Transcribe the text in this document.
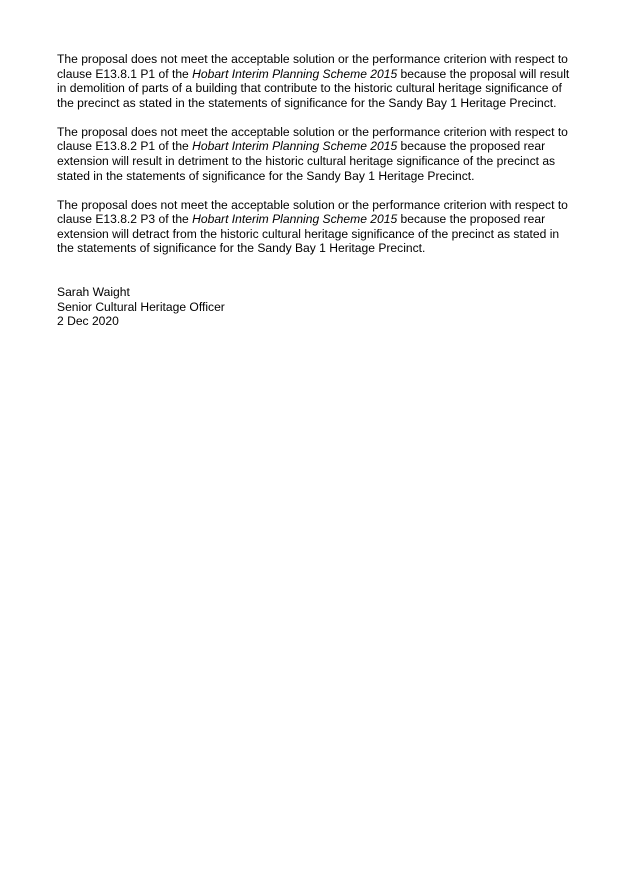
The proposal does not meet the acceptable solution or the performance criterion with respect to clause E13.8.1 P1 of the Hobart Interim Planning Scheme 2015 because the proposal will result in demolition of parts of a building that contribute to the historic cultural heritage significance of the precinct as stated in the statements of significance for the Sandy Bay 1 Heritage Precinct.

The proposal does not meet the acceptable solution or the performance criterion with respect to clause E13.8.2 P1 of the Hobart Interim Planning Scheme 2015 because the proposed rear extension will result in detriment to the historic cultural heritage significance of the precinct as stated in the statements of significance for the Sandy Bay 1 Heritage Precinct.

The proposal does not meet the acceptable solution or the performance criterion with respect to clause E13.8.2 P3 of the Hobart Interim Planning Scheme 2015 because the proposed rear extension will detract from the historic cultural heritage significance of the precinct as stated in the statements of significance for the Sandy Bay 1 Heritage Precinct.

Sarah Waight
Senior Cultural Heritage Officer
2 Dec 2020
